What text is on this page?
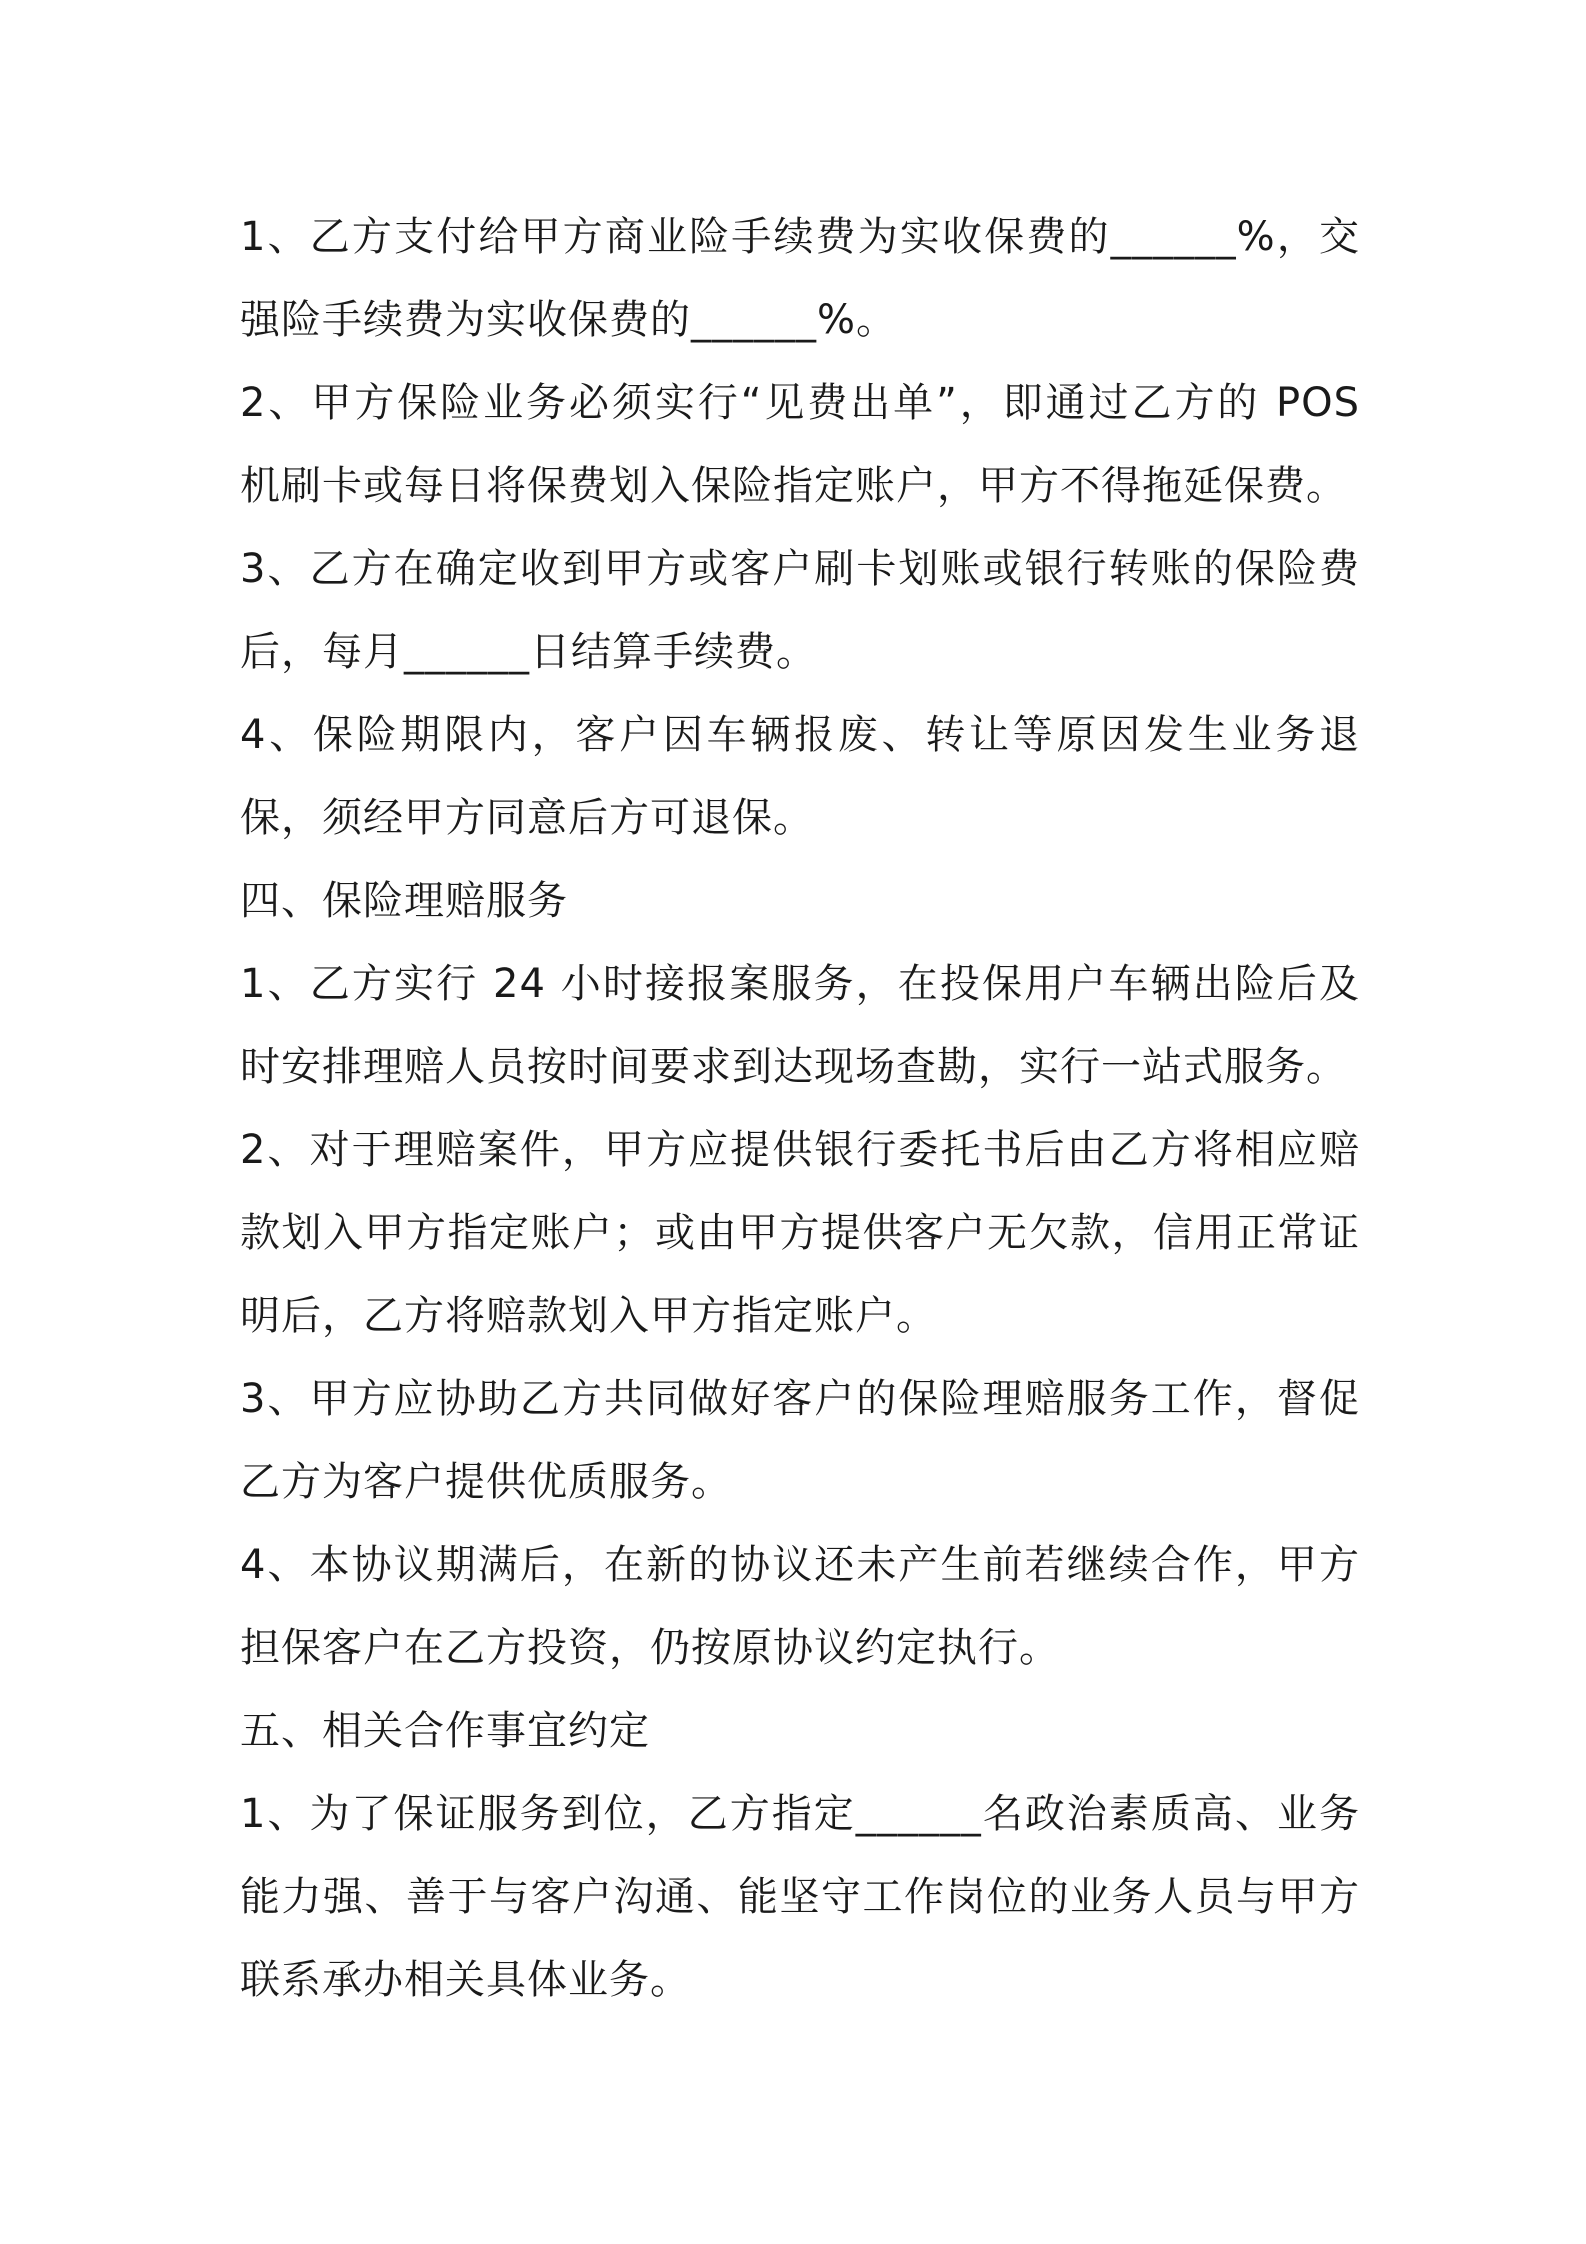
1、乙方支付给甲方商业险手续费为实收保费的______%，交强险手续费为实收保费的______%。

2、甲方保险业务必须实行“见费出单”，即通过乙方的 POS 机刷卡或每日将保费划入保险指定账户，甲方不得拖延保费。

3、乙方在确定收到甲方或客户刷卡划账或银行转账的保险费后，每月______日结算手续费。

4、保险期限内，客户因车辆报废、转让等原因发生业务退保，须经甲方同意后方可退保。

四、保险理赔服务

1、乙方实行 24 小时接报案服务，在投保用户车辆出险后及时安排理赔人员按时间要求到达现场查勘，实行一站式服务。

2、对于理赔案件，甲方应提供银行委托书后由乙方将相应赔款划入甲方指定账户；或由甲方提供客户无欠款，信用正常证明后，乙方将赔款划入甲方指定账户。

3、甲方应协助乙方共同做好客户的保险理赔服务工作，督促乙方为客户提供优质服务。

4、本协议期满后，在新的协议还未产生前若继续合作，甲方担保客户在乙方投资，仍按原协议约定执行。

五、相关合作事宜约定

1、为了保证服务到位，乙方指定______名政治素质高、业务能力强、善于与客户沟通、能坚守工作岗位的业务人员与甲方联系承办相关具体业务。
